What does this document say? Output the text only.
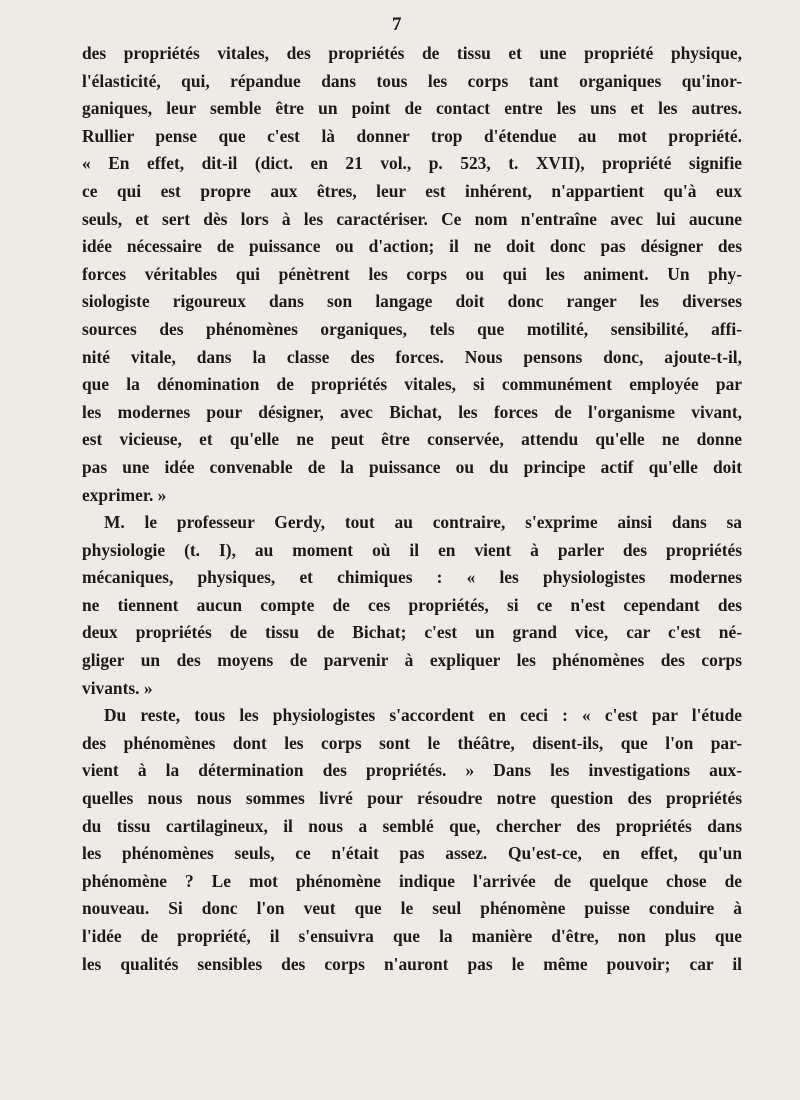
7
des propriétés vitales, des propriétés de tissu et une propriété physique,
l'élasticité, qui, répandue dans tous les corps tant organiques qu'inor-
ganiques, leur semble être un point de contact entre les uns et les autres.
Rullier pense que c'est là donner trop d'étendue au mot propriété.
« En effet, dit-il (dict. en 21 vol., p. 523, t. XVII), propriété signifie
ce qui est propre aux êtres, leur est inhérent, n'appartient qu'à eux
seuls, et sert dès lors à les caractériser. Ce nom n'entraîne avec lui aucune
idée nécessaire de puissance ou d'action; il ne doit donc pas désigner des
forces véritables qui pénètrent les corps ou qui les animent. Un phy-
siologiste rigoureux dans son langage doit donc ranger les diverses
sources des phénomènes organiques, tels que motilité, sensibilité, affi-
nité vitale, dans la classe des forces. Nous pensons donc, ajoute-t-il,
que la dénomination de propriétés vitales, si communément employée par
les modernes pour désigner, avec Bichat, les forces de l'organisme vivant,
est vicieuse, et qu'elle ne peut être conservée, attendu qu'elle ne donne
pas une idée convenable de la puissance ou du principe actif qu'elle doit
exprimer. »
M. le professeur Gerdy, tout au contraire, s'exprime ainsi dans sa
physiologie (t. I), au moment où il en vient à parler des propriétés
mécaniques, physiques, et chimiques : « les physiologistes modernes
ne tiennent aucun compte de ces propriétés, si ce n'est cependant des
deux propriétés de tissu de Bichat; c'est un grand vice, car c'est né-
gliger un des moyens de parvenir à expliquer les phénomènes des corps
vivants. »
Du reste, tous les physiologistes s'accordent en ceci : « c'est par l'étude
des phénomènes dont les corps sont le théâtre, disent-ils, que l'on par-
vient à la détermination des propriétés. » Dans les investigations aux-
quelles nous nous sommes livré pour résoudre notre question des propriétés
du tissu cartilagineux, il nous a semblé que, chercher des propriétés dans
les phénomènes seuls, ce n'était pas assez. Qu'est-ce, en effet, qu'un
phénomène ? Le mot phénomène indique l'arrivée de quelque chose de
nouveau. Si donc l'on veut que le seul phénomène puisse conduire à
l'idée de propriété, il s'ensuivra que la manière d'être, non plus que
les qualités sensibles des corps n'auront pas le même pouvoir; car il
